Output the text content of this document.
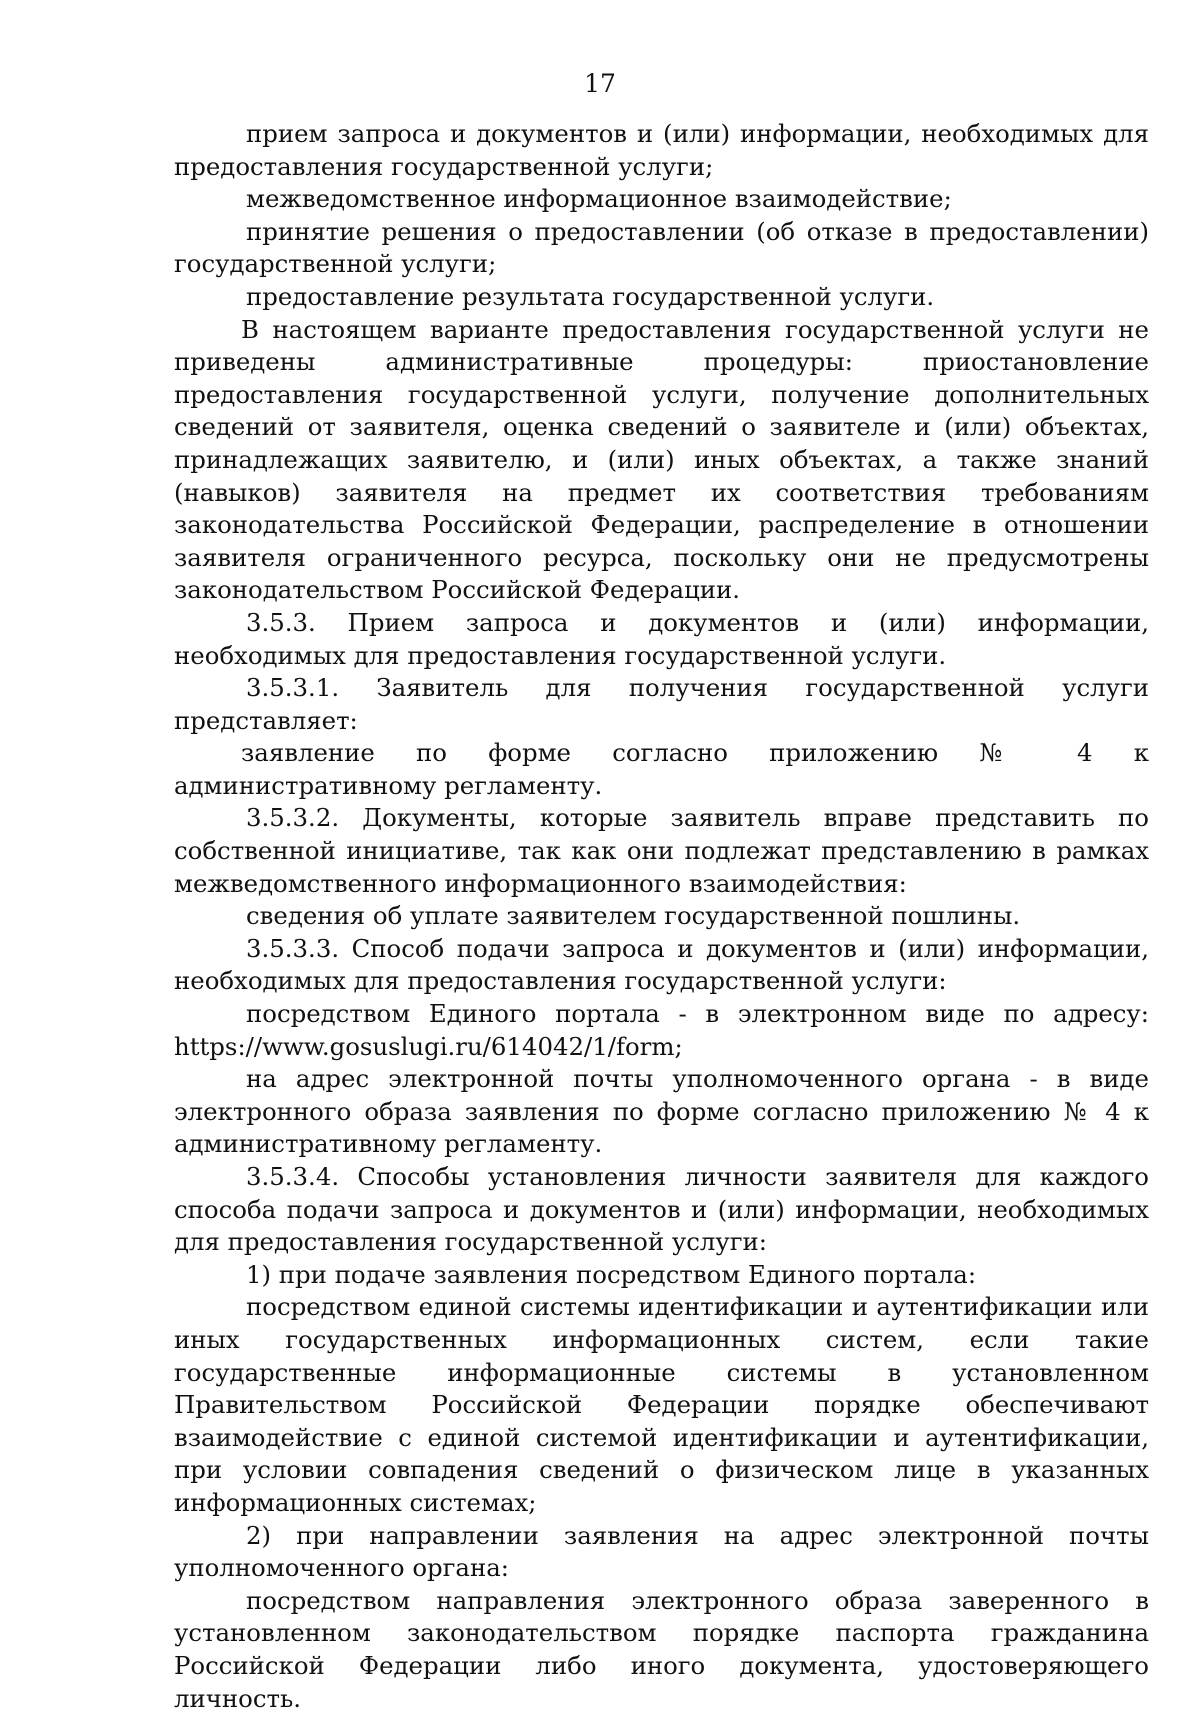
17

прием запроса и документов и (или) информации, необходимых для предоставления государственной услуги;

межведомственное информационное взаимодействие;

принятие решения о предоставлении (об отказе в предоставлении) государственной услуги;

предоставление результата государственной услуги.

В настоящем варианте предоставления государственной услуги не приведены административные процедуры: приостановление предоставления государственной услуги, получение дополнительных сведений от заявителя, оценка сведений о заявителе и (или) объектах, принадлежащих заявителю, и (или) иных объектах, а также знаний (навыков) заявителя на предмет их соответствия требованиям законодательства Российской Федерации, распределение в отношении заявителя ограниченного ресурса, поскольку они не предусмотрены законодательством Российской Федерации.

3.5.3. Прием запроса и документов и (или) информации, необходимых для предоставления государственной услуги.

3.5.3.1. Заявитель для получения государственной услуги представляет:

заявление по форме согласно приложению № 4 к административному регламенту.

3.5.3.2. Документы, которые заявитель вправе представить по собственной инициативе, так как они подлежат представлению в рамках межведомственного информационного взаимодействия:

сведения об уплате заявителем государственной пошлины.

3.5.3.3. Способ подачи запроса и документов и (или) информации, необходимых для предоставления государственной услуги:

посредством Единого портала - в электронном виде по адресу: https://www.gosuslugi.ru/614042/1/form;

на адрес электронной почты уполномоченного органа - в виде электронного образа заявления по форме согласно приложению № 4 к административному регламенту.

3.5.3.4. Способы установления личности заявителя для каждого способа подачи запроса и документов и (или) информации, необходимых для предоставления государственной услуги:

1) при подаче заявления посредством Единого портала:

посредством единой системы идентификации и аутентификации или иных государственных информационных систем, если такие государственные информационные системы в установленном Правительством Российской Федерации порядке обеспечивают взаимодействие с единой системой идентификации и аутентификации, при условии совпадения сведений о физическом лице в указанных информационных системах;

2) при направлении заявления на адрес электронной почты уполномоченного органа:

посредством направления электронного образа заверенного в установленном законодательством порядке паспорта гражданина Российской Федерации либо иного документа, удостоверяющего личность.
